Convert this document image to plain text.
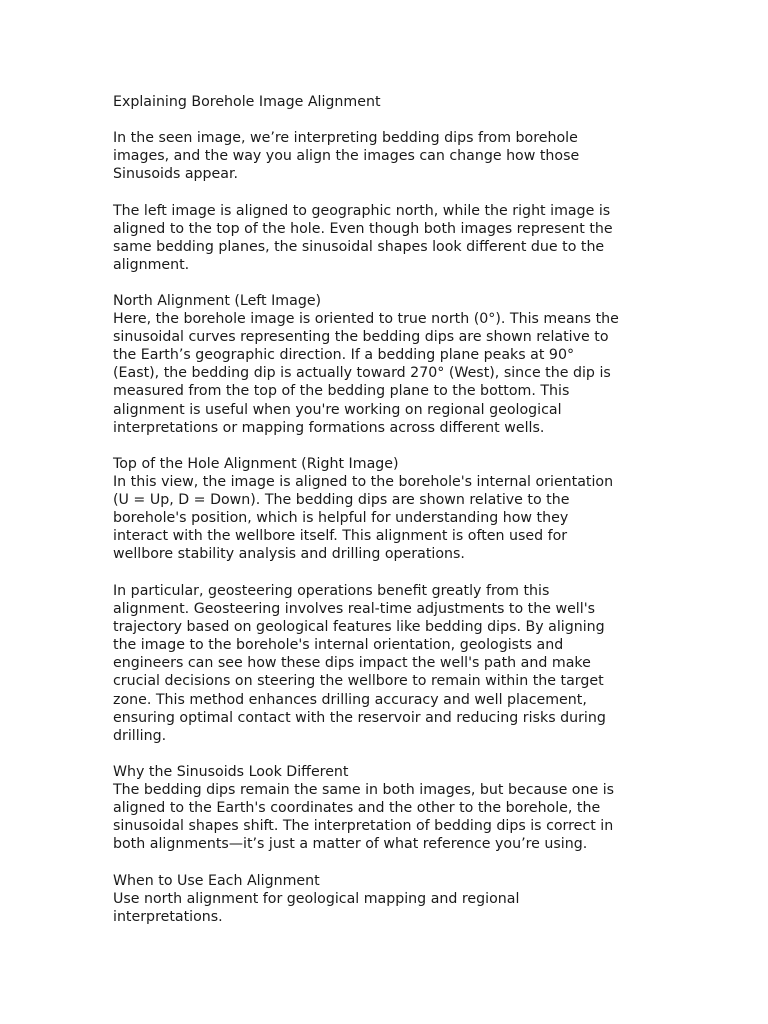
Explaining Borehole Image Alignment

In the seen image, we’re interpreting bedding dips from borehole
images, and the way you align the images can change how those
Sinusoids appear.

The left image is aligned to geographic north, while the right image is
aligned to the top of the hole. Even though both images represent the
same bedding planes, the sinusoidal shapes look different due to the
alignment.

North Alignment (Left Image)
Here, the borehole image is oriented to true north (0°). This means the
sinusoidal curves representing the bedding dips are shown relative to
the Earth’s geographic direction. If a bedding plane peaks at 90°
(East), the bedding dip is actually toward 270° (West), since the dip is
measured from the top of the bedding plane to the bottom. This
alignment is useful when you're working on regional geological
interpretations or mapping formations across different wells.

Top of the Hole Alignment (Right Image)
In this view, the image is aligned to the borehole's internal orientation
(U = Up, D = Down). The bedding dips are shown relative to the
borehole's position, which is helpful for understanding how they
interact with the wellbore itself. This alignment is often used for
wellbore stability analysis and drilling operations.

In particular, geosteering operations benefit greatly from this
alignment. Geosteering involves real-time adjustments to the well's
trajectory based on geological features like bedding dips. By aligning
the image to the borehole's internal orientation, geologists and
engineers can see how these dips impact the well's path and make
crucial decisions on steering the wellbore to remain within the target
zone. This method enhances drilling accuracy and well placement,
ensuring optimal contact with the reservoir and reducing risks during
drilling.

Why the Sinusoids Look Different
The bedding dips remain the same in both images, but because one is
aligned to the Earth's coordinates and the other to the borehole, the
sinusoidal shapes shift. The interpretation of bedding dips is correct in
both alignments—it’s just a matter of what reference you’re using.

When to Use Each Alignment
Use north alignment for geological mapping and regional
interpretations.
